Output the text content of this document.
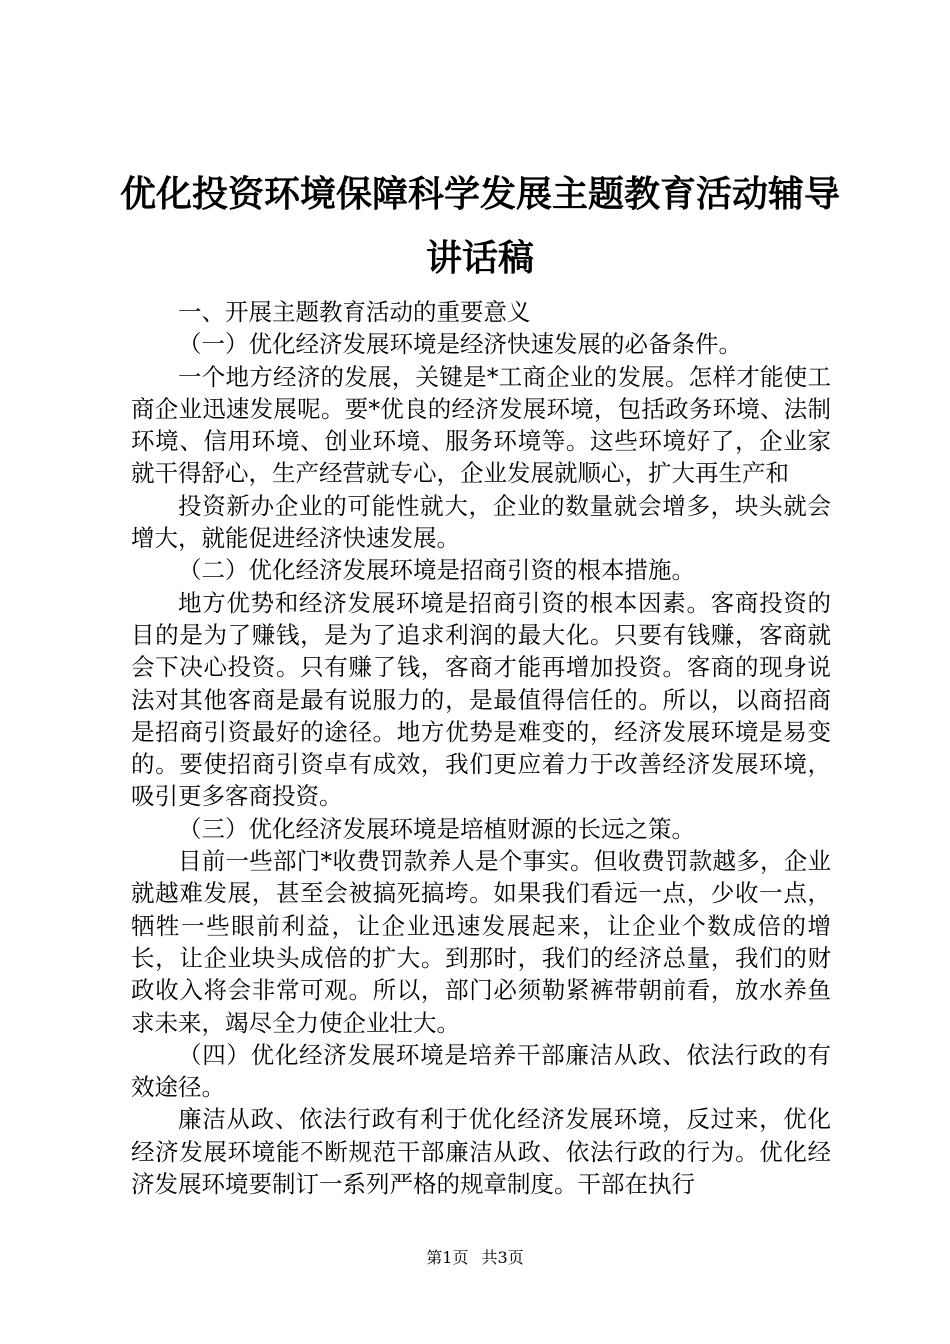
优化投资环境保障科学发展主题教育活动辅导讲话稿

一、开展主题教育活动的重要意义

（一）优化经济发展环境是经济快速发展的必备条件。

一个地方经济的发展，关键是*工商企业的发展。怎样才能使工商企业迅速发展呢。要*优良的经济发展环境，包括政务环境、法制环境、信用环境、创业环境、服务环境等。这些环境好了，企业家就干得舒心，生产经营就专心，企业发展就顺心，扩大再生产和

投资新办企业的可能性就大，企业的数量就会增多，块头就会增大，就能促进经济快速发展。

（二）优化经济发展环境是招商引资的根本措施。

地方优势和经济发展环境是招商引资的根本因素。客商投资的目的是为了赚钱，是为了追求利润的最大化。只要有钱赚，客商就会下决心投资。只有赚了钱，客商才能再增加投资。客商的现身说法对其他客商是最有说服力的，是最值得信任的。所以，以商招商是招商引资最好的途径。地方优势是难变的，经济发展环境是易变的。要使招商引资卓有成效，我们更应着力于改善经济发展环境，吸引更多客商投资。

（三）优化经济发展环境是培植财源的长远之策。

目前一些部门*收费罚款养人是个事实。但收费罚款越多，企业就越难发展，甚至会被搞死搞垮。如果我们看远一点，少收一点，牺牲一些眼前利益，让企业迅速发展起来，让企业个数成倍的增长，让企业块头成倍的扩大。到那时，我们的经济总量，我们的财政收入将会非常可观。所以，部门必须勒紧裤带朝前看，放水养鱼求未来，竭尽全力使企业壮大。

（四）优化经济发展环境是培养干部廉洁从政、依法行政的有效途径。

廉洁从政、依法行政有利于优化经济发展环境，反过来，优化经济发展环境能不断规范干部廉洁从政、依法行政的行为。优化经济发展环境要制订一系列严格的规章制度。干部在执行

第1页 共3页
